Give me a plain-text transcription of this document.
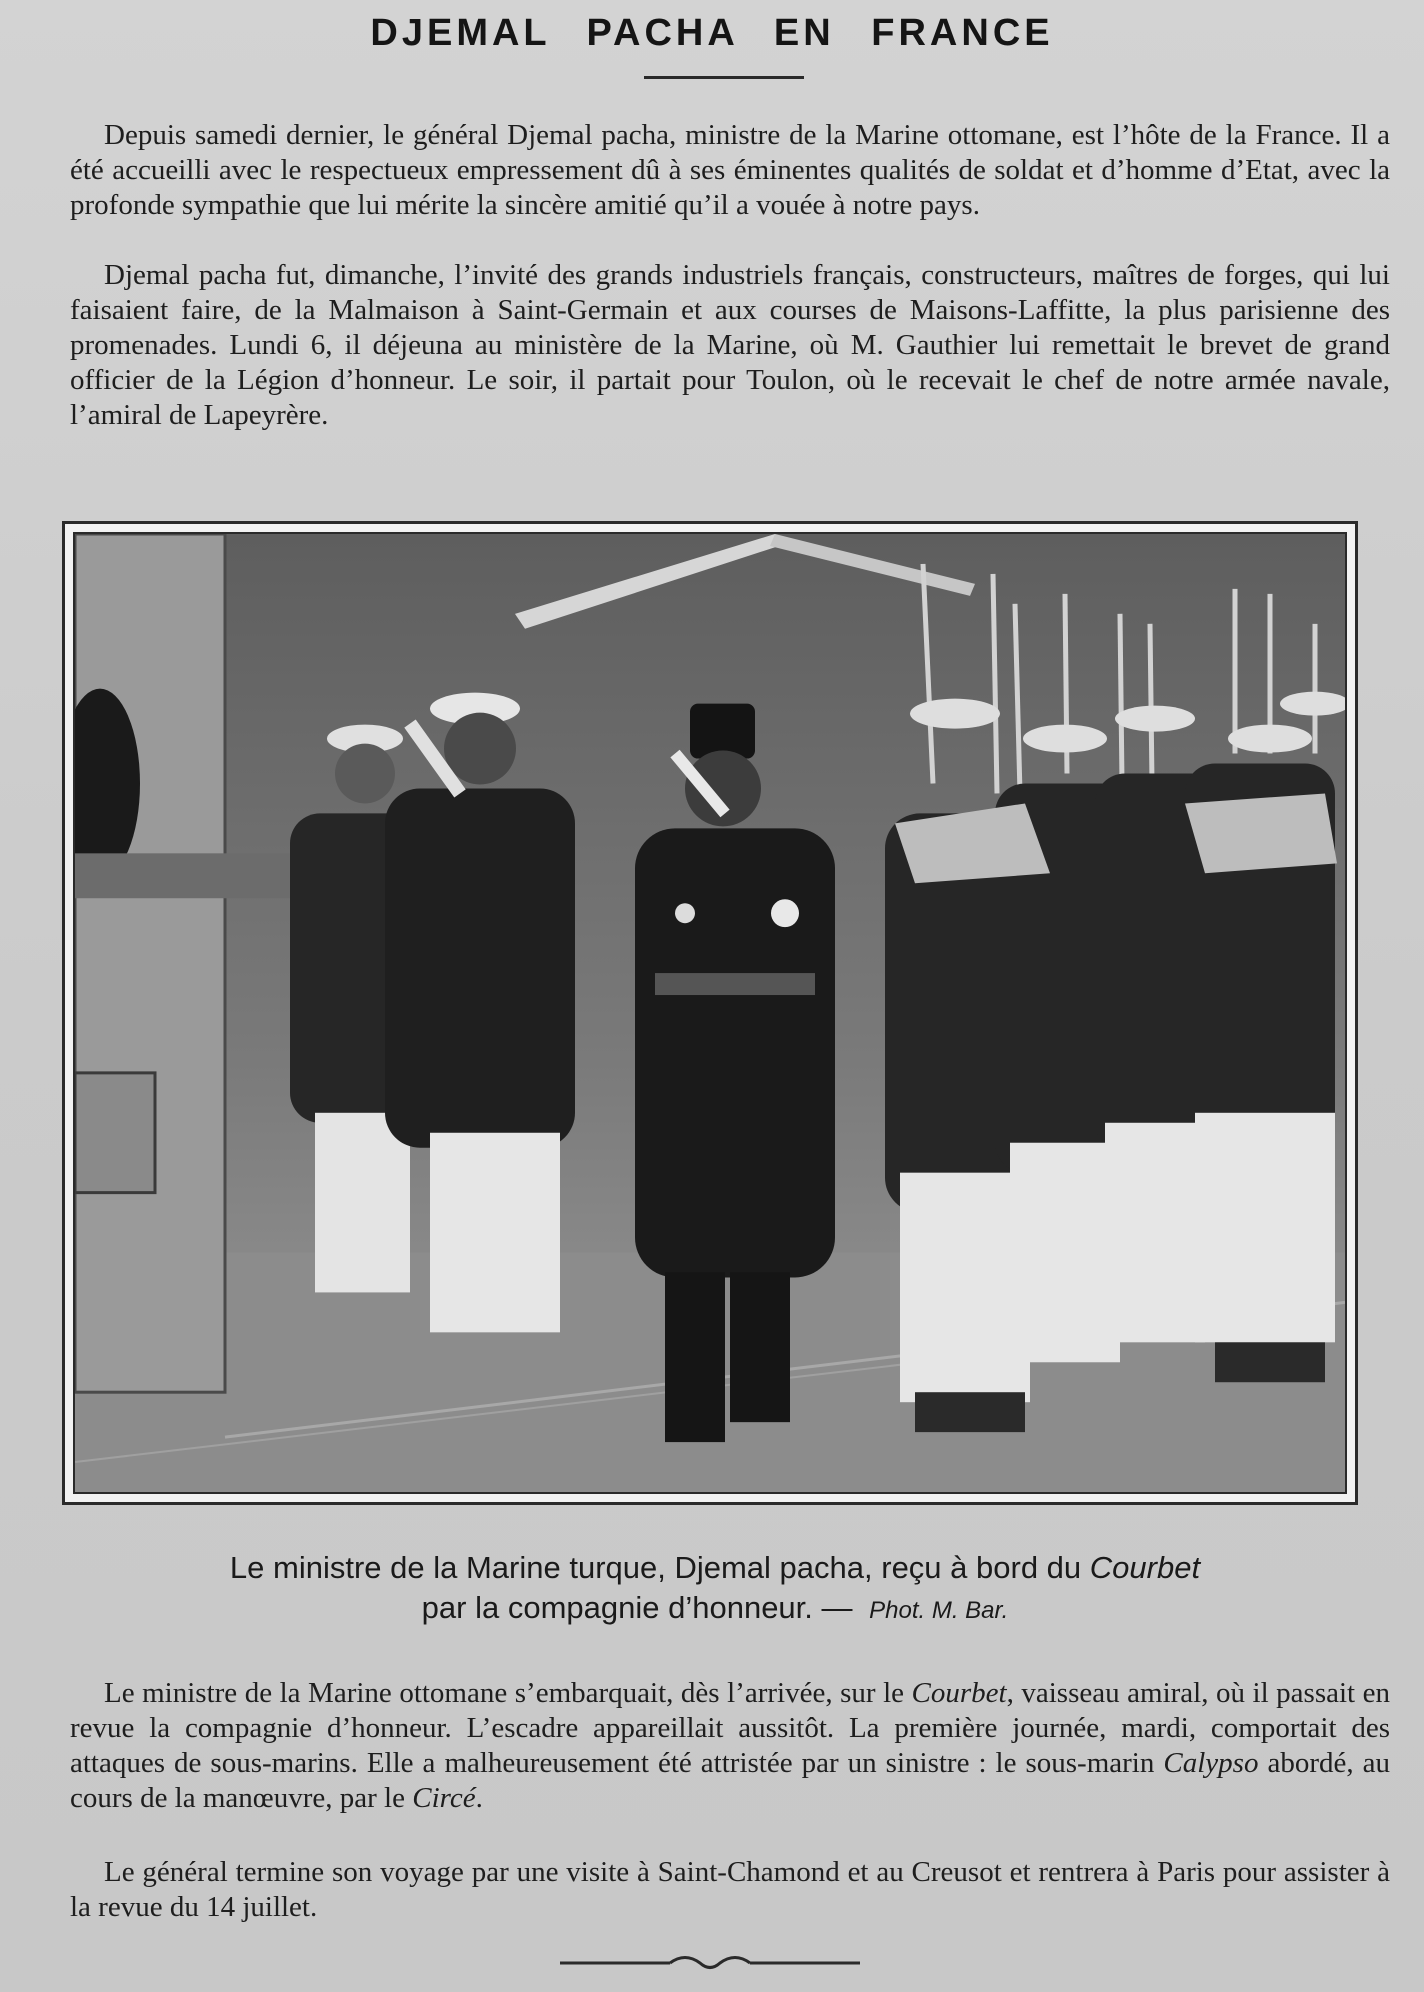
DJEMAL PACHA EN FRANCE

Depuis samedi dernier, le général Djemal pacha, ministre de la Marine ottomane, est l’hôte de la France. Il a été accueilli avec le respectueux empressement dû à ses éminentes qualités de soldat et d’homme d’Etat, avec la profonde sympathie que lui mérite la sincère amitié qu’il a vouée à notre pays.

Djemal pacha fut, dimanche, l’invité des grands industriels français, constructeurs, maîtres de forges, qui lui faisaient faire, de la Malmaison à Saint-Germain et aux courses de Maisons-Laffitte, la plus parisienne des promenades. Lundi 6, il déjeuna au ministère de la Marine, où M. Gauthier lui remettait le brevet de grand officier de la Légion d’honneur. Le soir, il partait pour Toulon, où le recevait le chef de notre armée navale, l’amiral de Lapeyrère.

Le ministre de la Marine turque, Djemal pacha, reçu à bord du Courbet
par la compagnie d’honneur. — Phot. M. Bar.

Le ministre de la Marine ottomane s’embarquait, dès l’arrivée, sur le Courbet, vaisseau amiral, où il passait en revue la compagnie d’honneur. L’escadre appareillait aussitôt. La première journée, mardi, comportait des attaques de sous-marins. Elle a malheureusement été attristée par un sinistre : le sous-marin Calypso abordé, au cours de la manœuvre, par le Circé.

Le général termine son voyage par une visite à Saint-Chamond et au Creusot et rentrera à Paris pour assister à la revue du 14 juillet.
